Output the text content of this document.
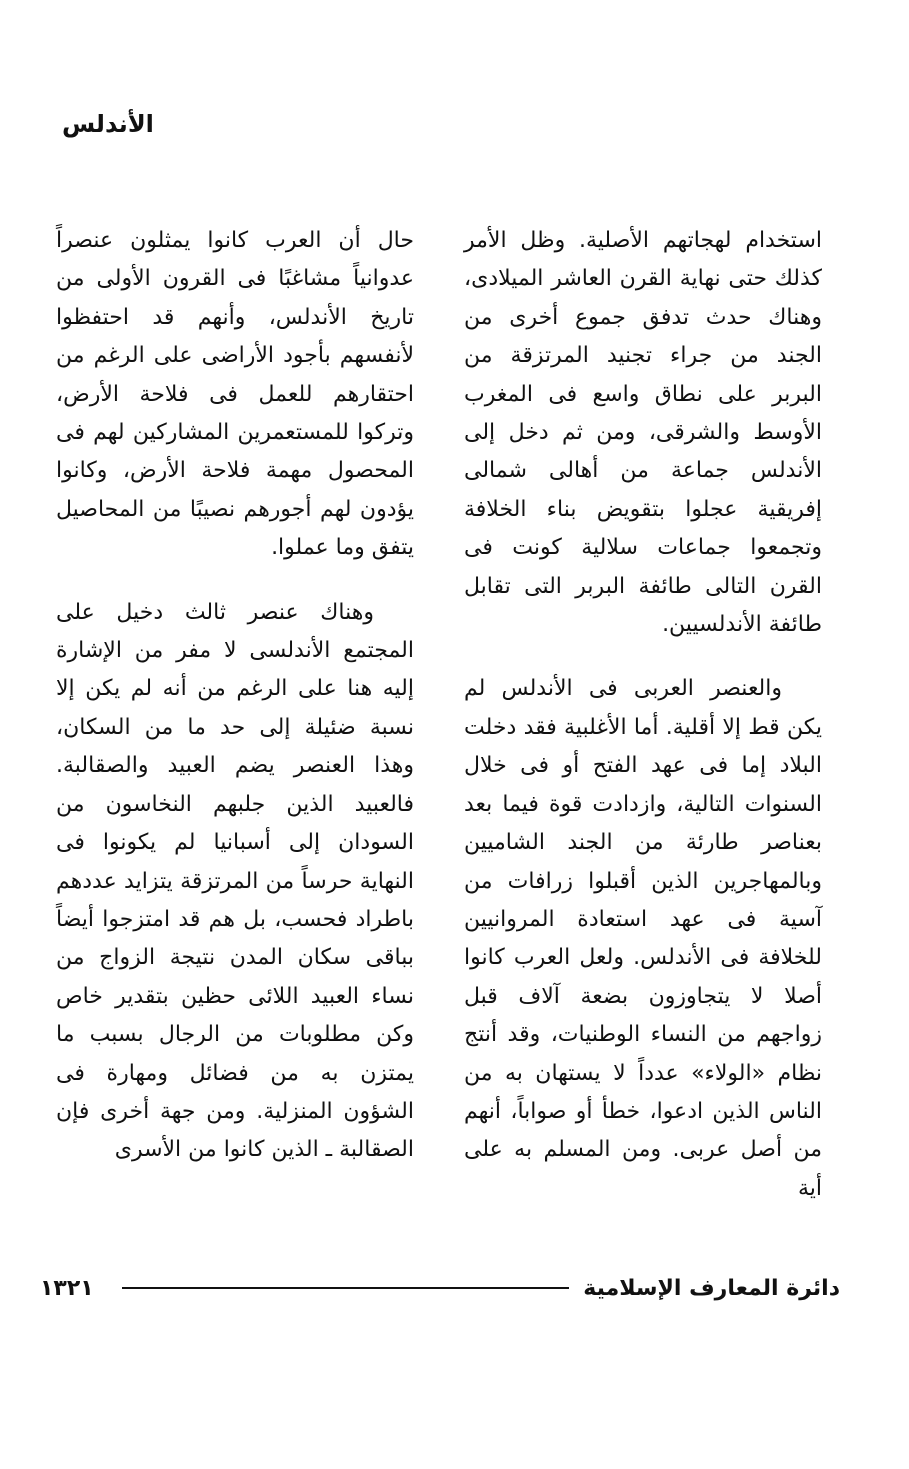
الأندلس

استخدام لهجاتهم الأصلية. وظل الأمر كذلك حتى نهاية القرن العاشر الميلادى، وهناك حدث تدفق جموع أخرى من الجند من جراء تجنيد المرتزقة من البربر على نطاق واسع فى المغرب الأوسط والشرقى، ومن ثم دخل إلى الأندلس جماعة من أهالى شمالى إفريقية عجلوا بتقويض بناء الخلافة وتجمعوا جماعات سلالية كونت فى القرن التالى طائفة البربر التى تقابل طائفة الأندلسيين.

والعنصر العربى فى الأندلس لم يكن قط إلا أقلية. أما الأغلبية فقد دخلت البلاد إما فى عهد الفتح أو فى خلال السنوات التالية، وازدادت قوة فيما بعد بعناصر طارئة من الجند الشاميين وبالمهاجرين الذين أقبلوا زرافات من آسية فى عهد استعادة المروانيين للخلافة فى الأندلس. ولعل العرب كانوا أصلا لا يتجاوزون بضعة آلاف قبل زواجهم من النساء الوطنيات، وقد أنتج نظام «الولاء» عدداً لا يستهان به من الناس الذين ادعوا، خطأ أو صواباً، أنهم من أصل عربى. ومن المسلم به على أية

حال أن العرب كانوا يمثلون عنصراً عدوانياً مشاغبًا فى القرون الأولى من تاريخ الأندلس، وأنهم قد احتفظوا لأنفسهم بأجود الأراضى على الرغم من احتقارهم للعمل فى فلاحة الأرض، وتركوا للمستعمرين المشاركين لهم فى المحصول مهمة فلاحة الأرض، وكانوا يؤدون لهم أجورهم نصيبًا من المحاصيل يتفق وما عملوا.

وهناك عنصر ثالث دخيل على المجتمع الأندلسى لا مفر من الإشارة إليه هنا على الرغم من أنه لم يكن إلا نسبة ضئيلة إلى حد ما من السكان، وهذا العنصر يضم العبيد والصقالبة. فالعبيد الذين جلبهم النخاسون من السودان إلى أسبانيا لم يكونوا فى النهاية حرساً من المرتزقة يتزايد عددهم باطراد فحسب، بل هم قد امتزجوا أيضاً بباقى سكان المدن نتيجة الزواج من نساء العبيد اللائى حظين بتقدير خاص وكن مطلوبات من الرجال بسبب ما يمتزن به من فضائل ومهارة فى الشؤون المنزلية. ومن جهة أخرى فإن الصقالبة ـ الذين كانوا من الأسرى

١٣٢١	دائرة المعارف الإسلامية
